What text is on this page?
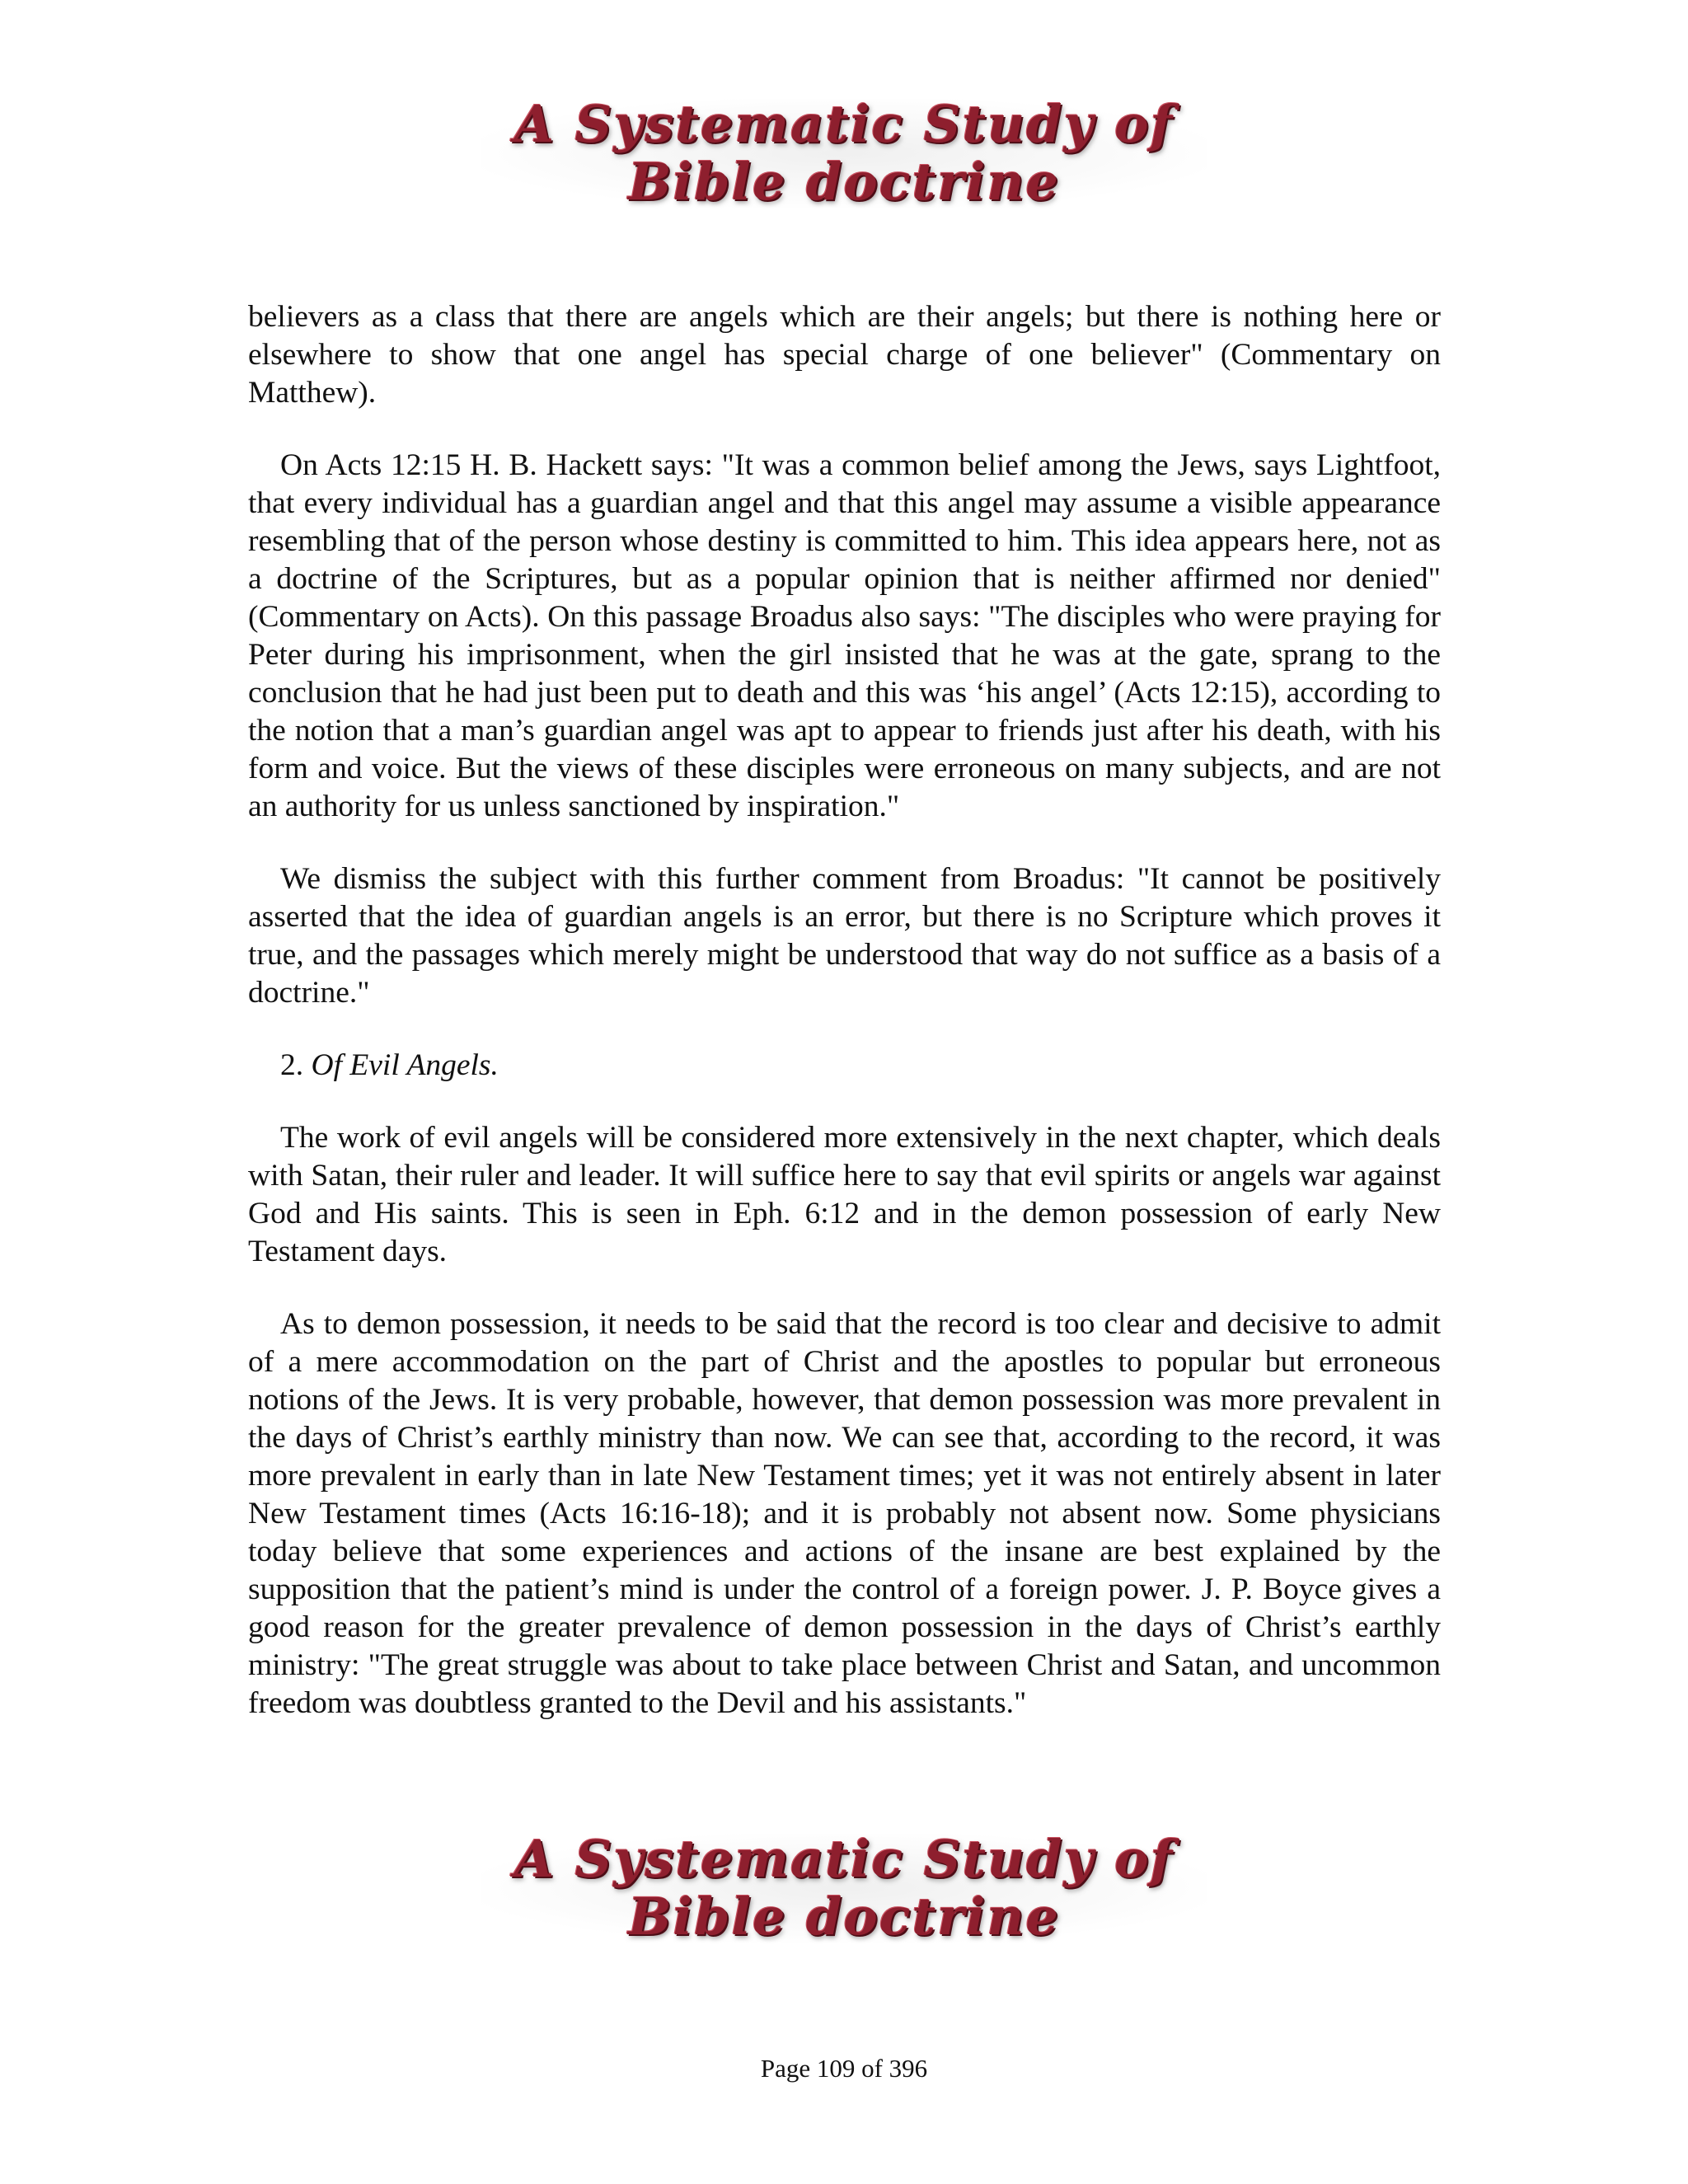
A Systematic Study of
Bible doctrine

believers as a class that there are angels which are their angels; but there is nothing here or elsewhere to show that one angel has special charge of one believer" (Commentary on Matthew).

On Acts 12:15 H. B. Hackett says: "It was a common belief among the Jews, says Lightfoot, that every individual has a guardian angel and that this angel may assume a visible appearance resembling that of the person whose destiny is committed to him. This idea appears here, not as a doctrine of the Scriptures, but as a popular opinion that is neither affirmed nor denied" (Commentary on Acts). On this passage Broadus also says: "The disciples who were praying for Peter during his imprisonment, when the girl insisted that he was at the gate, sprang to the conclusion that he had just been put to death and this was ‘his angel’ (Acts 12:15), according to the notion that a man’s guardian angel was apt to appear to friends just after his death, with his form and voice. But the views of these disciples were erroneous on many subjects, and are not an authority for us unless sanctioned by inspiration."

We dismiss the subject with this further comment from Broadus: "It cannot be positively asserted that the idea of guardian angels is an error, but there is no Scripture which proves it true, and the passages which merely might be understood that way do not suffice as a basis of a doctrine."

2. Of Evil Angels.

The work of evil angels will be considered more extensively in the next chapter, which deals with Satan, their ruler and leader. It will suffice here to say that evil spirits or angels war against God and His saints. This is seen in Eph. 6:12 and in the demon possession of early New Testament days.

As to demon possession, it needs to be said that the record is too clear and decisive to admit of a mere accommodation on the part of Christ and the apostles to popular but erroneous notions of the Jews. It is very probable, however, that demon possession was more prevalent in the days of Christ’s earthly ministry than now. We can see that, according to the record, it was more prevalent in early than in late New Testament times; yet it was not entirely absent in later New Testament times (Acts 16:16-18); and it is probably not absent now. Some physicians today believe that some experiences and actions of the insane are best explained by the supposition that the patient’s mind is under the control of a foreign power. J. P. Boyce gives a good reason for the greater prevalence of demon possession in the days of Christ’s earthly ministry: "The great struggle was about to take place between Christ and Satan, and uncommon freedom was doubtless granted to the Devil and his assistants."

A Systematic Study of
Bible doctrine
Page 109 of 396
